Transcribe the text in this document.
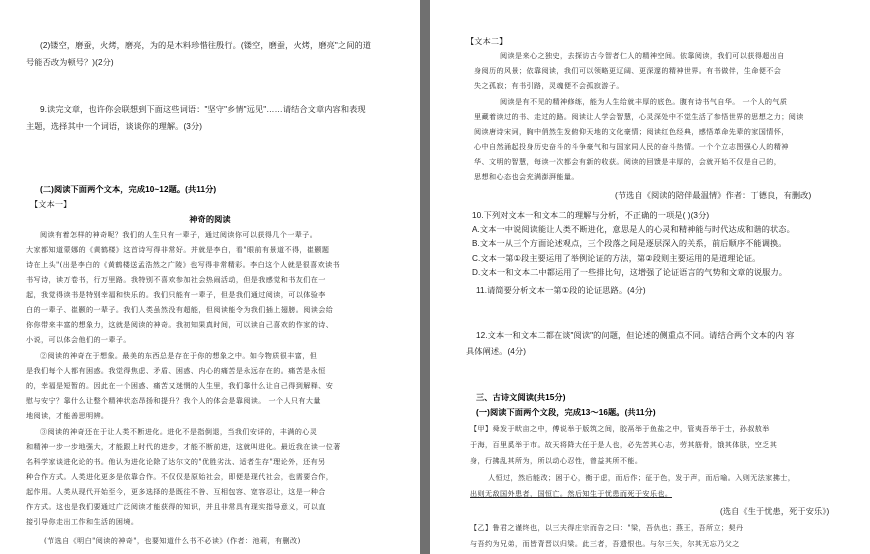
(2)镂空，磨蚕，火烤，磨亮，为的是木料珍惜往殷行。(镂空，磨蚕，火烤，磨亮"之间的道
号能否改为顿号？)(2分)
9.读完文章，也许你会联想到下面这些词语："坚守"乡情"远见"……请结合文章内容和表现
主题，选择其中一个词语，谈谈你的理解。(3分)
(二)阅读下面两个文本，完成10~12题。(共11分)
【文本一】
神奇的阅读
阅读有着怎样的神奇呢？我们的人生只有一辈子，通过阅读你可以获得几个一辈子。
大家都知道蒙娜的《黄鹤楼》这首诗写得非常好。并就是李白，看"眼前有景道不得，崔颢题
诗在上头"(出是李白的《黄鹤楼送孟浩然之广陵》也写得非常精彩。李白这个人就是很喜欢读书
书写诗，读万卷书，行万里路。我特别不喜欢参加社会热闹活动，但是我感觉和书友们在一
起，我觉得读书是特别幸福和快乐的。我们只能有一辈子，但是我们通过阅读，可以体验李
白的一辈子、崔颢的一辈子。我们人类虽然没有超能，但阅读能令为我们插上翅膀。阅读会给
你你带来丰富的想象力，这就是阅读的神奇。我初知果真时间，可以读自己喜欢的作家的诗、
小说，可以体会他们的一辈子。
②阅读的神奇在于想象。最美的东西总是存在于你的想象之中。如今物质很丰富，但
是我们每个人都有困惑。我觉得焦虑、矛盾、困惑、内心的痛苦是永远存在的。痛苦是永恒
的，幸福是短暂的。因此在一个困惑、痛苦又迷惘的人生里，我们靠什么让自己得到解释、安
慰与安宁？靠什么让整个精神状态昂扬和提升？我个人的体会是靠阅读。 一个人只有大量
地阅读，才能善思明辨。
③阅读的神奇还在于让人类不断进化。进化不是指倒退，当我们安详的，丰满的心灵
和精神一步一步地强大，才能跟上时代的进步，才能不断前进，这就叫进化。最近我在读一位著
名科学家谈进化论的书。他认为进化论除了达尔文的"优胜劣汰、适者生存"理论外，还有另
种合作方式。人类进化更多是依靠合作。不仅仅是原始社会，即便是现代社会，也需要合作，
起作用。人类从现代开始至今，更多选择的是既往不咎、互相包容、宽容忍让，这是一种合
作方式。这也是我们要通过广泛阅读才能获得的知识，并且非常具有现实指导意义，可以直
接引导你走出工作和生活的困境。
(节选自《明白"阅读的神奇"，也要知道什么书不必读》(作者：池莉，有删改)
【文本二】
阅读是来心之独史，去探访古今智者仁人的精神空间。依靠阅读，我们可以获得超出自
身阅历的风景；依靠阅读，我们可以领略更辽阔、更深邃的精神世界。有书做伴，生命便不会
失之孤寂；有书引路，灵魂便不会孤寂游子。
阅读是有不见的精神修练，能为人生给就丰厚的底色。腹有诗书气自华。 一个人的气质
里藏着读过的书、走过的路。阅读让人学会智慧，心灵深处中不觉生活了参悟世界的思想之力；阅读
阅读唐诗宋词，胸中俏然生发俯仰天地的文化豪情；阅读红色经典，感悟革命先辈的家国情怀，
心中自然涌起投身历史奋斗的斗争豪气和与国家同人民的奋斗热情。一个个立志图强心人的精神
华、文明的智慧，每读一次都会有新的收获。阅读的回馈是丰厚的，会就开始不仅是自己的，
思想和心态也会充满澎湃能量。
(节选自《阅读的陪伴最温情》作者：丁德良，有删改)
10.下列对文本一和文本二的理解与分析，不正确的一项是( )(3分)
A.文本一中说阅读能让人类不断进化，意思是人的心灵和精神能与时代达成和谐的状态。
B.文本一从三个方面论述观点，三个段落之间是逐层深入的关系，前后顺序不能调换。
C.文本一第①段主要运用了举例论证的方法，第②段则主要运用的是道理论证。
D.文本一和文本二中都运用了一些排比句，这增强了论证语言的气势和文章的说服力。
11.请简要分析文本一第①段的论证思路。(4分)
12.文本一和文本二都在谈"阅读"的问题，但论述的侧重点不同。请结合两个文本的内 容
具体阐述。(4分)
三、古诗文阅读(共15分)
(一)阅读下面两个文段，完成13～16题。(共11分)
【甲】舜发于畎亩之中，傅说举于版筑之间，胶鬲举于鱼盐之中，管夷吾举于士，孙叔敖举
于海，百里奚举于市。故天将降大任于是人也，必先苦其心志，劳其筋骨，饿其体肤，空乏其
身，行拂乱其所为，所以动心忍性，曾益其所不能。
人恒过，然后能改；困于心，衡于虑，而后作；征于色，发于声，而后喻。入则无法家拂士，
出则无敌国外患者，国恒亡。然后知生于忧患而死于安乐也。
(选自《生于忧患，死于安乐》)
【乙】鲁君之谨终也，以三夫得庄宗而告之曰："梁，吾仇也；燕王，吾所立；契丹
与吾约为兄弟，而皆背晋以归梁。此三者，吾遗恨也。与尔三矢，尔其无忘乃父之
